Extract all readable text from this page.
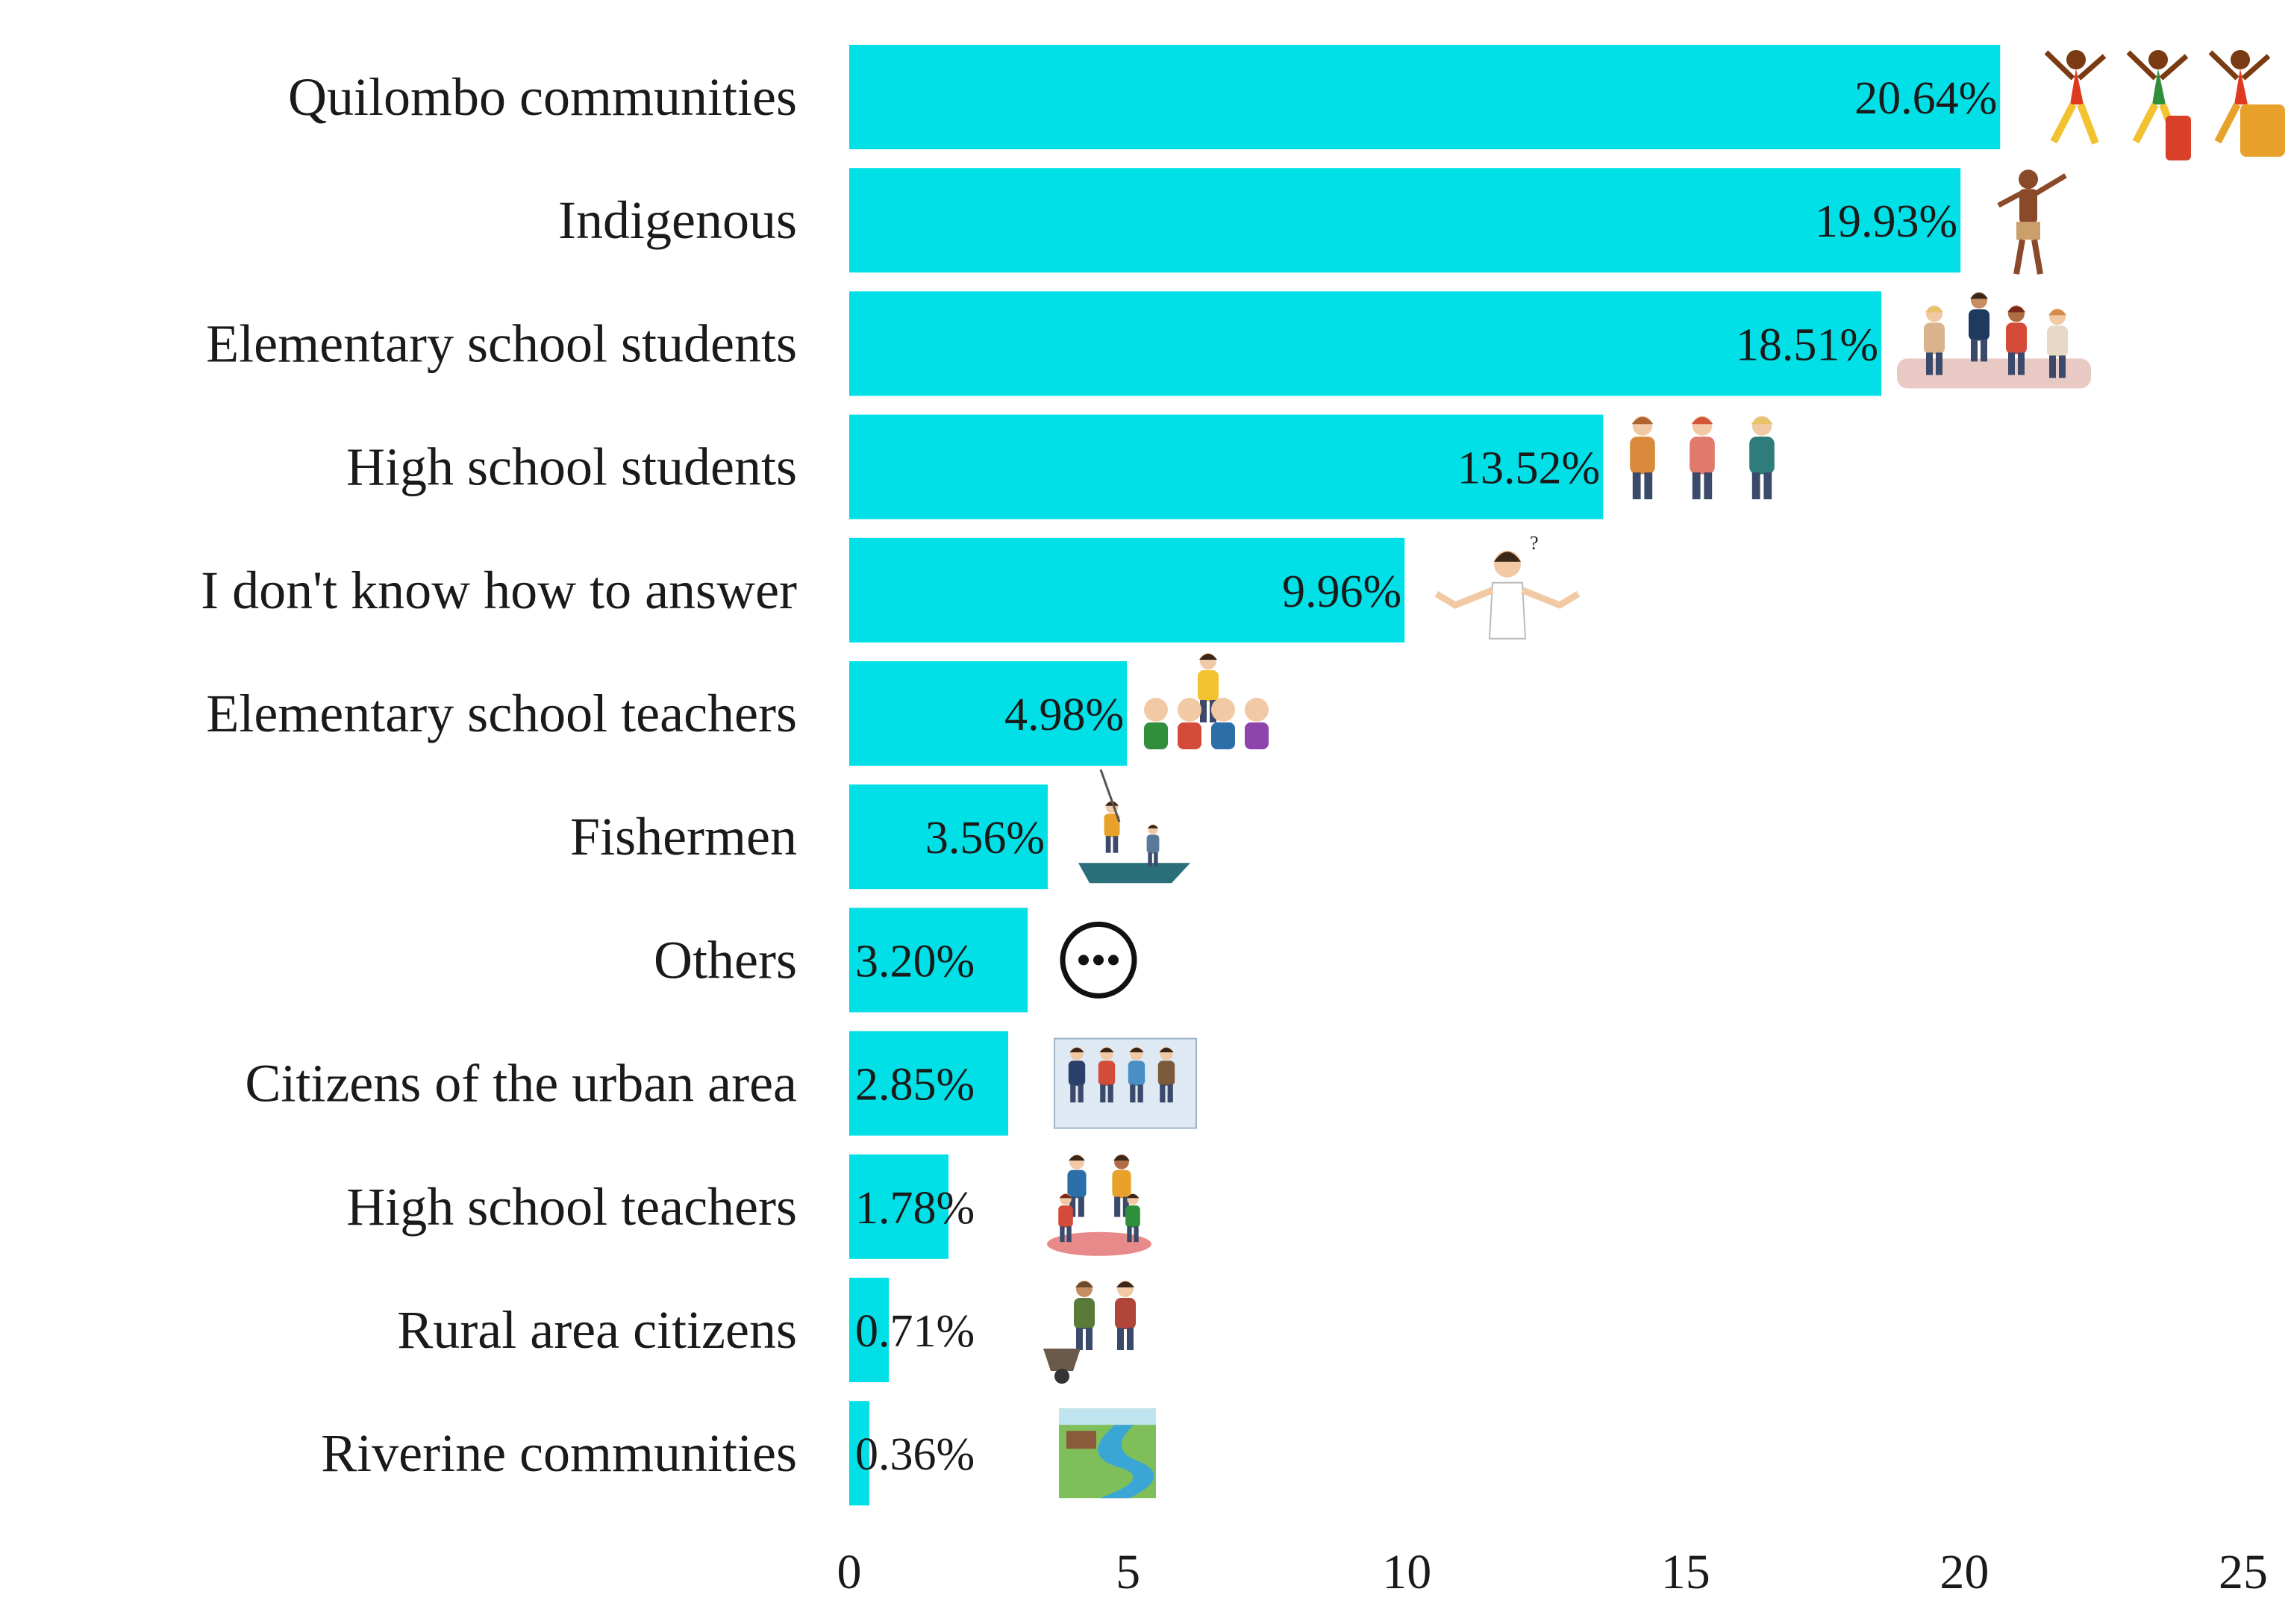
?
Quilombo communities	20.64%
Indigenous	19.93%
Elementary school students	18.51%
High school students	13.52%
I don't know how to answer	9.96%
Elementary school teachers	4.98%
Fishermen	3.56%
Others 3.20%
Citizens of the urban area 2.85%
High school teachers 1.78%
Rural area citizens 0.71%
Riverine communities 0.36%
0	5	10	15	20	25
